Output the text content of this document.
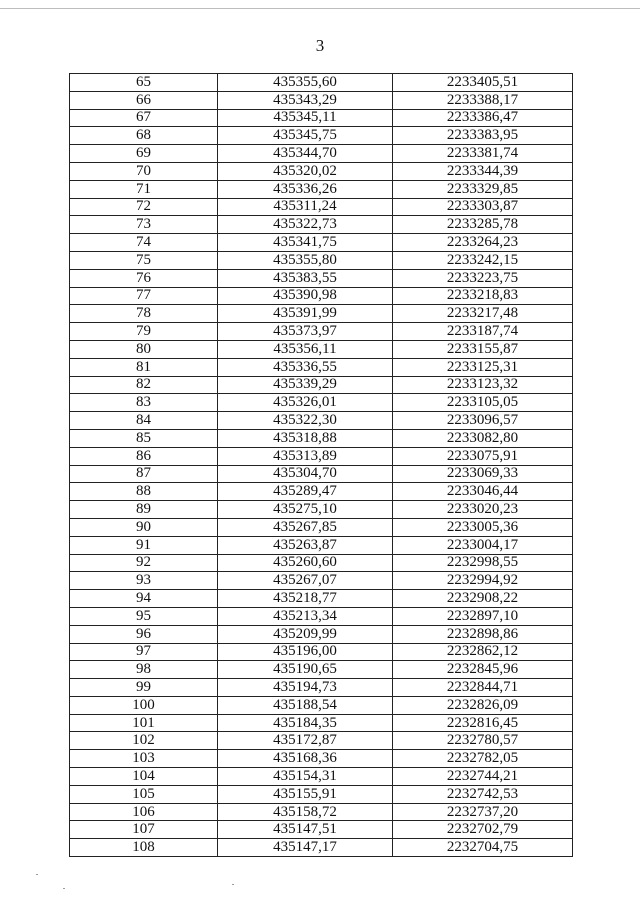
3
65	435355,60	2233405,51
66	435343,29	2233388,17
67	435345,11	2233386,47
68	435345,75	2233383,95
69	435344,70	2233381,74
70	435320,02	2233344,39
71	435336,26	2233329,85
72	435311,24	2233303,87
73	435322,73	2233285,78
74	435341,75	2233264,23
75	435355,80	2233242,15
76	435383,55	2233223,75
77	435390,98	2233218,83
78	435391,99	2233217,48
79	435373,97	2233187,74
80	435356,11	2233155,87
81	435336,55	2233125,31
82	435339,29	2233123,32
83	435326,01	2233105,05
84	435322,30	2233096,57
85	435318,88	2233082,80
86	435313,89	2233075,91
87	435304,70	2233069,33
88	435289,47	2233046,44
89	435275,10	2233020,23
90	435267,85	2233005,36
91	435263,87	2233004,17
92	435260,60	2232998,55
93	435267,07	2232994,92
94	435218,77	2232908,22
95	435213,34	2232897,10
96	435209,99	2232898,86
97	435196,00	2232862,12
98	435190,65	2232845,96
99	435194,73	2232844,71
100	435188,54	2232826,09
101	435184,35	2232816,45
102	435172,87	2232780,57
103	435168,36	2232782,05
104	435154,31	2232744,21
105	435155,91	2232742,53
106	435158,72	2232737,20
107	435147,51	2232702,79
108	435147,17	2232704,75
